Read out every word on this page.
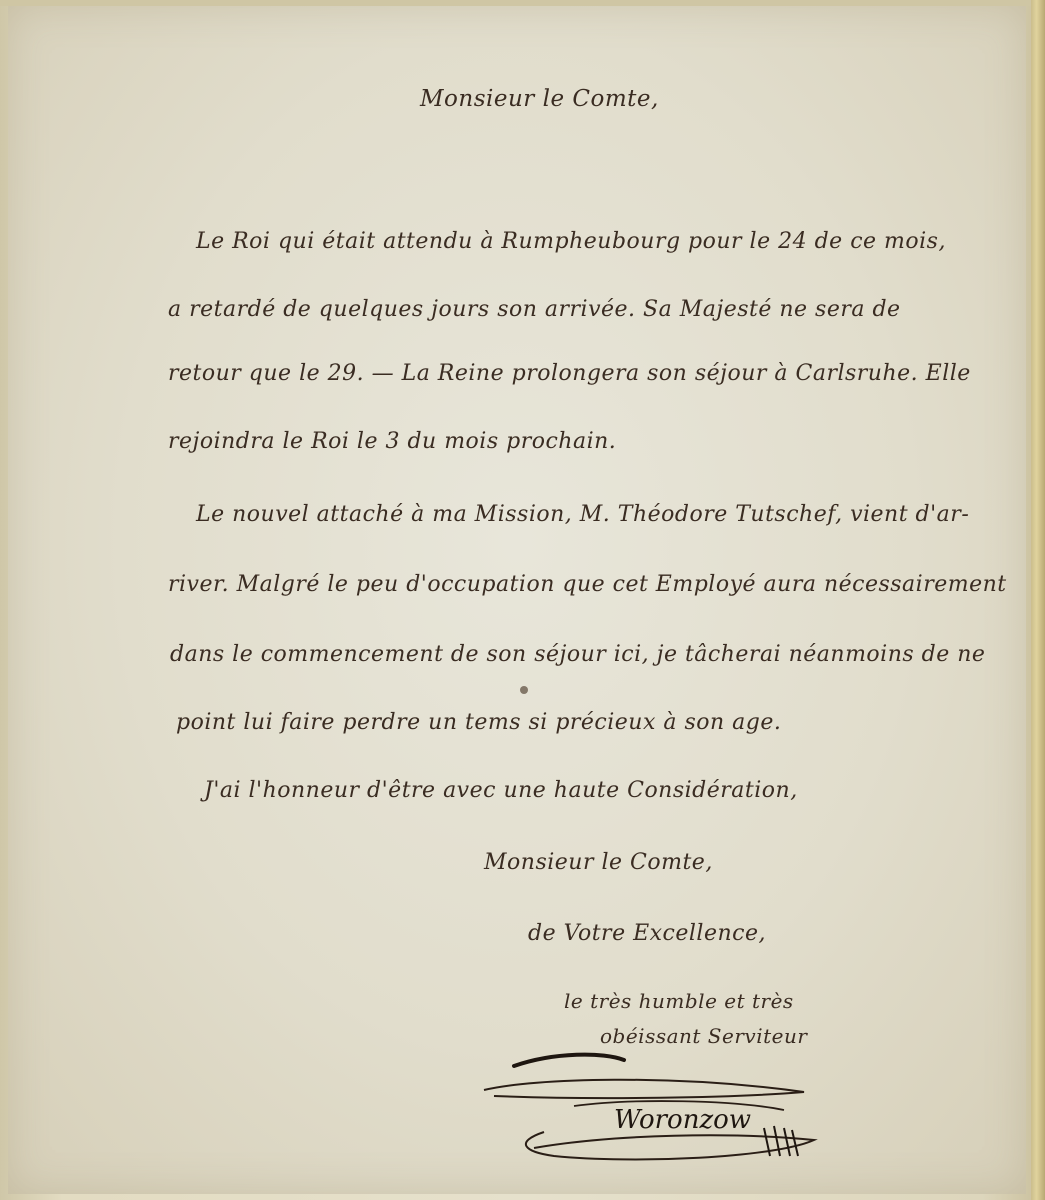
Monsieur le Comte,
Le Roi qui était attendu à Rumpheubourg pour le 24 de ce mois,
a retardé de quelques jours son arrivée. Sa Majesté ne sera de
retour que le 29. — La Reine prolongera son séjour à Carlsruhe. Elle
rejoindra le Roi le 3 du mois prochain.
Le nouvel attaché à ma Mission, M. Théodore Tutschef, vient d'ar-
river. Malgré le peu d'occupation que cet Employé aura nécessairement
dans le commencement de son séjour ici, je tâcherai néanmoins de ne
point lui faire perdre un tems si précieux à son age.
J'ai l'honneur d'être avec une haute Considération,
Monsieur le Comte,
de Votre Excellence,
le très humble et très
obéissant Serviteur
Woronzow
